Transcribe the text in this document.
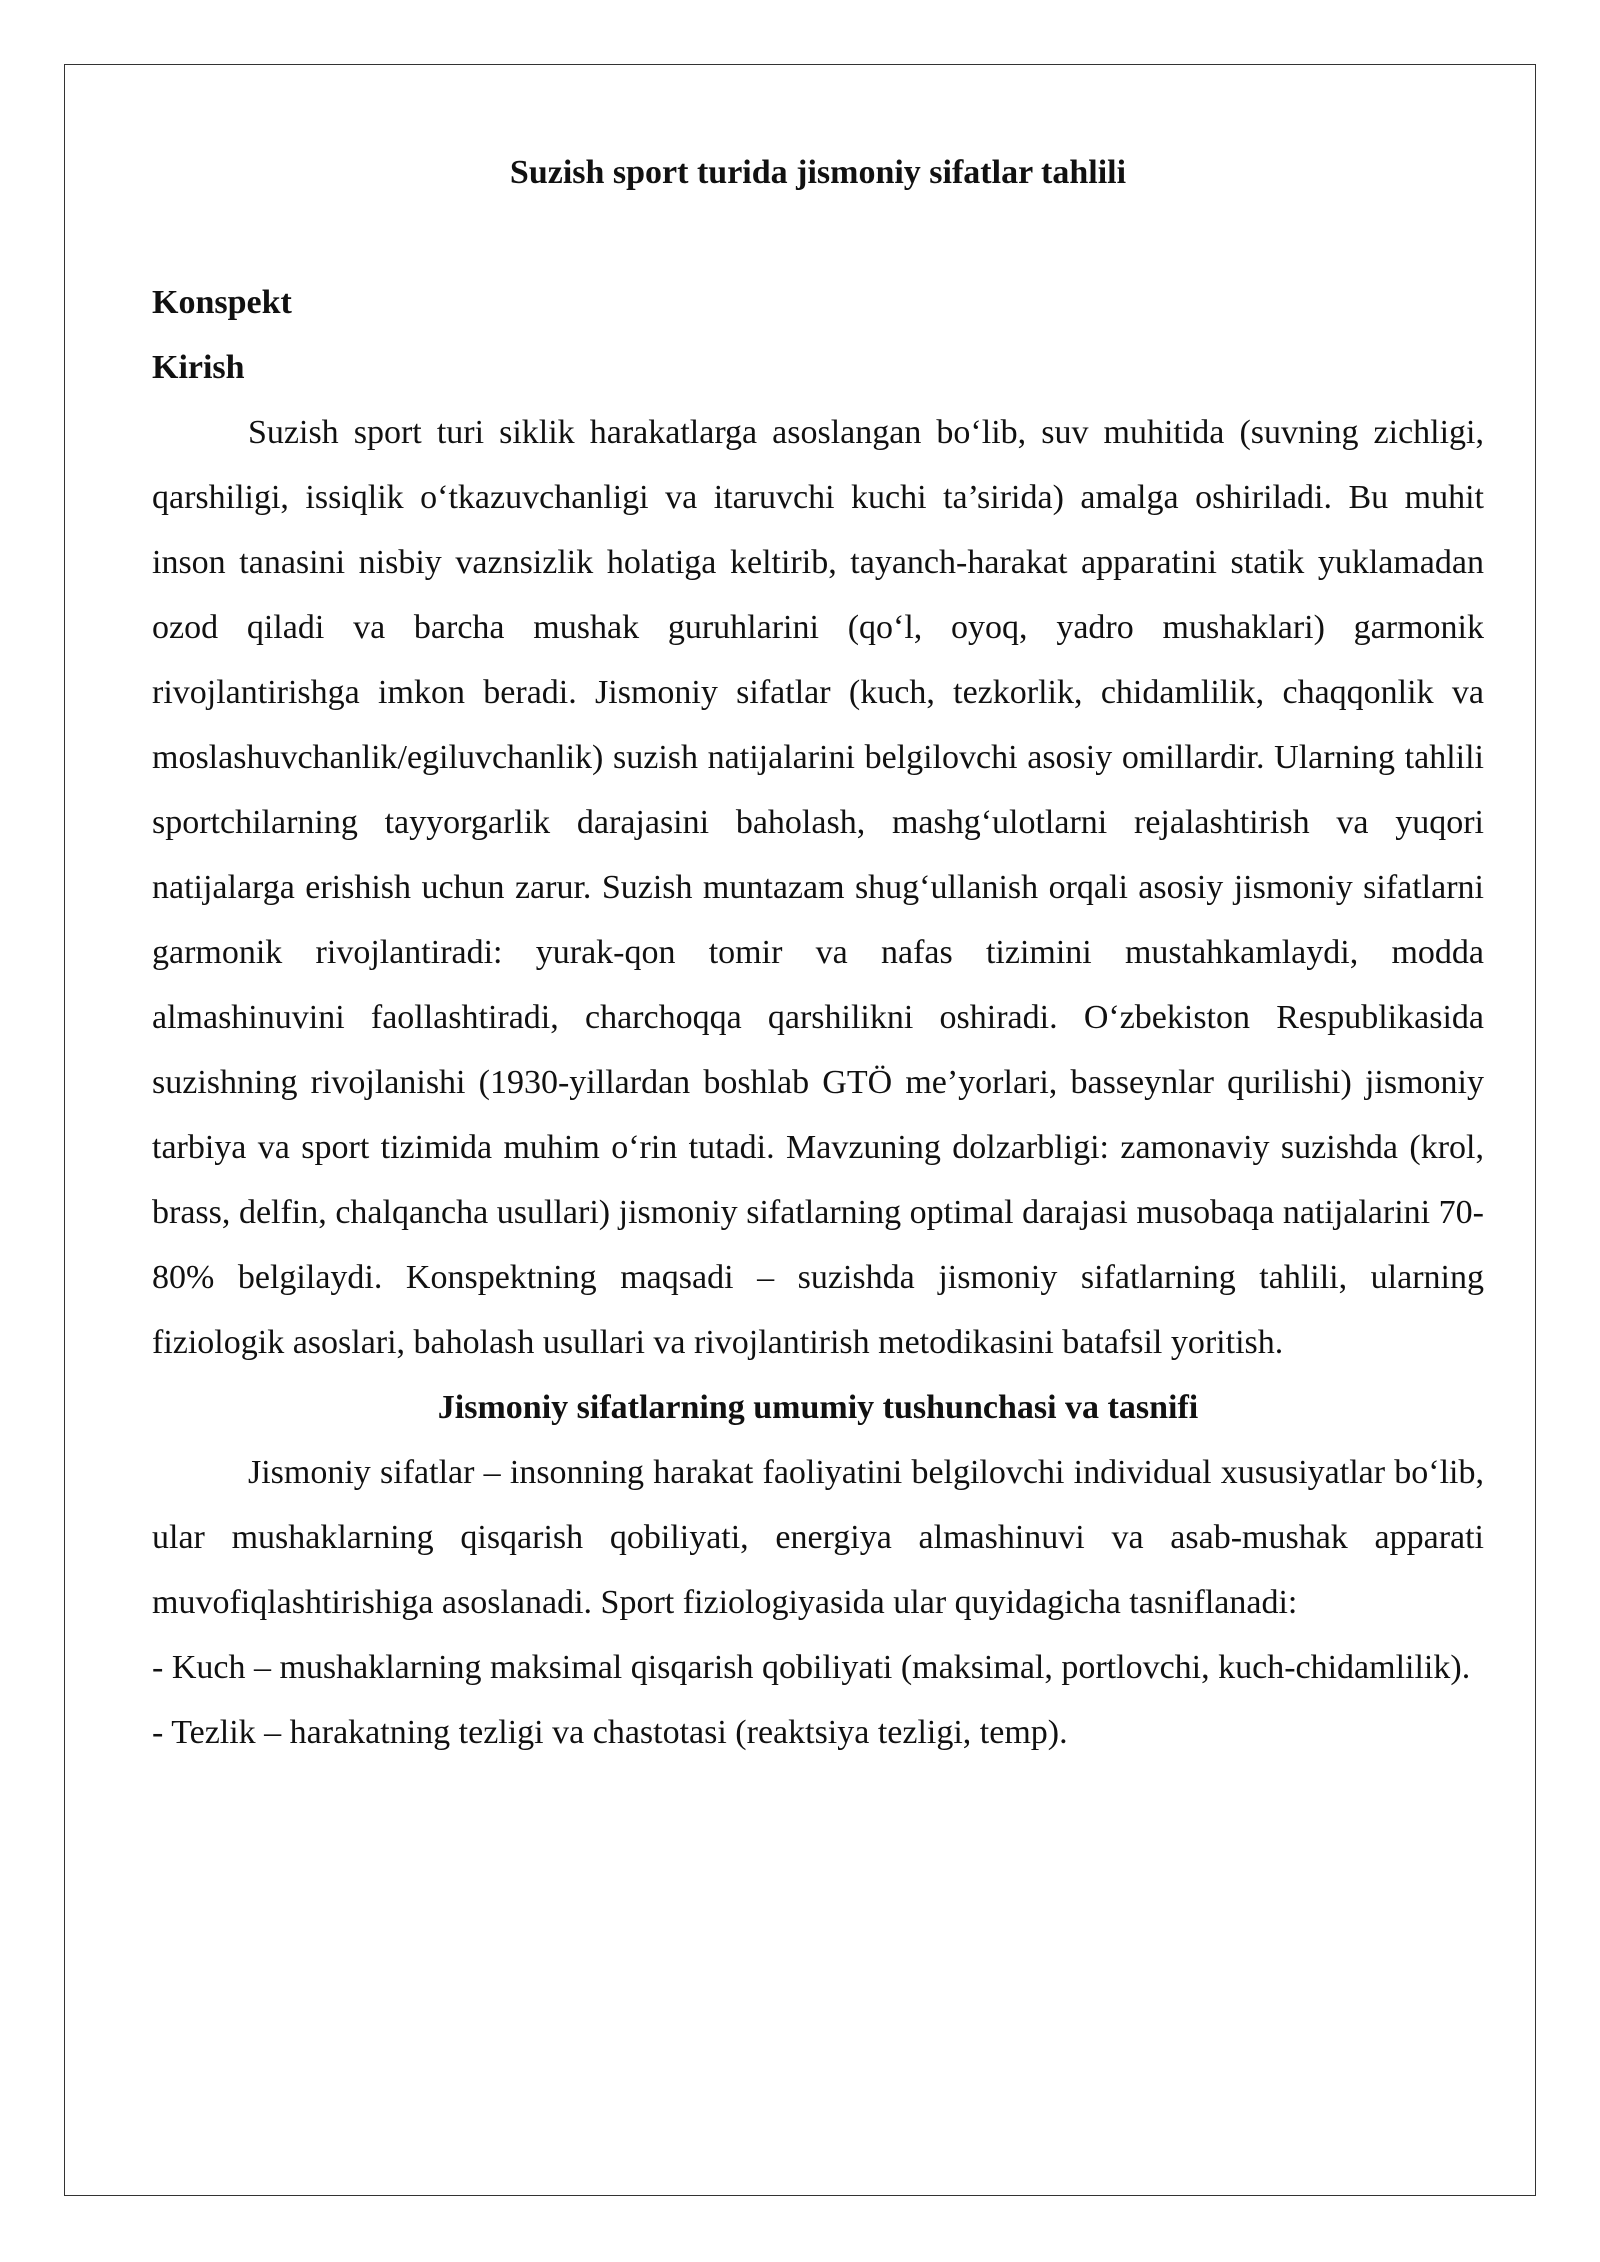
Suzish sport turida jismoniy sifatlar tahlili

Konspekt

Kirish

Suzish sport turi siklik harakatlarga asoslangan bo‘lib, suv muhitida (suvning zichligi, qarshiligi, issiqlik o‘tkazuvchanligi va itaruvchi kuchi ta’sirida) amalga oshiriladi. Bu muhit inson tanasini nisbiy vaznsizlik holatiga keltirib, tayanch-harakat apparatini statik yuklamadan ozod qiladi va barcha mushak guruhlarini (qo‘l, oyoq, yadro mushaklari) garmonik rivojlantirishga imkon beradi. Jismoniy sifatlar (kuch, tezkorlik, chidamlilik, chaqqonlik va moslashuvchanlik/egiluvchanlik) suzish natijalarini belgilovchi asosiy omillardir. Ularning tahlili sportchilarning tayyorgarlik darajasini baholash, mashg‘ulotlarni rejalashtirish va yuqori natijalarga erishish uchun zarur. Suzish muntazam shug‘ullanish orqali asosiy jismoniy sifatlarni garmonik rivojlantiradi: yurak-qon tomir va nafas tizimini mustahkamlaydi, modda almashinuvini faollashtiradi, charchoqqa qarshilikni oshiradi. O‘zbekiston Respublikasida suzishning rivojlanishi (1930-yillardan boshlab GTÖ me’yorlari, basseynlar qurilishi) jismoniy tarbiya va sport tizimida muhim o‘rin tutadi. Mavzuning dolzarbligi: zamonaviy suzishda (krol, brass, delfin, chalqancha usullari) jismoniy sifatlarning optimal darajasi musobaqa natijalarini 70-80% belgilaydi. Konspektning maqsadi – suzishda jismoniy sifatlarning tahlili, ularning fiziologik asoslari, baholash usullari va rivojlantirish metodikasini batafsil yoritish.

Jismoniy sifatlarning umumiy tushunchasi va tasnifi

Jismoniy sifatlar – insonning harakat faoliyatini belgilovchi individual xususiyatlar bo‘lib, ular mushaklarning qisqarish qobiliyati, energiya almashinuvi va asab-mushak apparati muvofiqlashtirishiga asoslanadi. Sport fiziologiyasida ular quyidagicha tasniflanadi:

- Kuch – mushaklarning maksimal qisqarish qobiliyati (maksimal, portlovchi, kuch-chidamlilik).

- Tezlik – harakatning tezligi va chastotasi (reaktsiya tezligi, temp).
